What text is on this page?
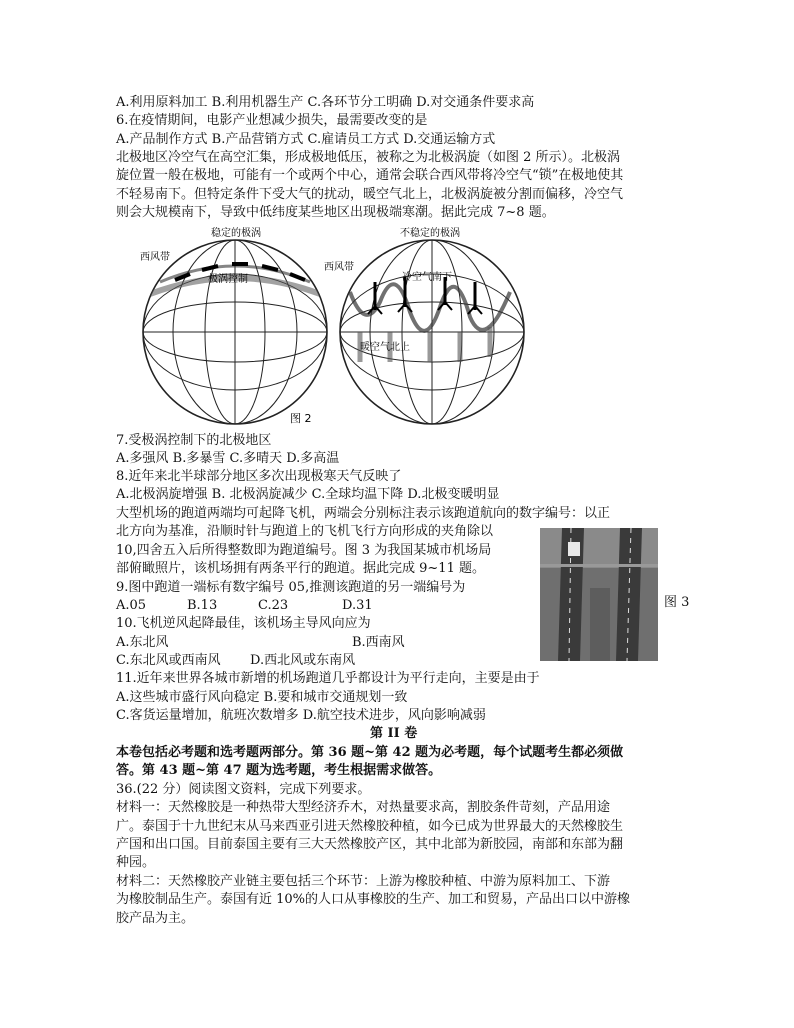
A.利用原料加工 B.利用机器生产 C.各环节分工明确 D.对交通条件要求高
6.在疫情期间，电影产业想减少损失，最需要改变的是
A.产品制作方式 B.产品营销方式 C.雇请员工方式 D.交通运输方式
北极地区冷空气在高空汇集，形成极地低压，被称之为北极涡旋（如图 2 所示）。北极涡
旋位置一般在极地，可能有一个或两个中心，通常会联合西风带将冷空气“锁”在极地使其
不轻易南下。但特定条件下受大气的扰动，暖空气北上，北极涡旋被分割而偏移，冷空气
则会大规模南下，导致中低纬度某些地区出现极端寒潮。据此完成 7~8 题。
稳定的极涡
西风带
极涡控制
不稳定的极涡
西风带
冷空气南下
暖空气北上
图 2
7.受极涡控制下的北极地区
A.多强风 B.多暴雪 C.多晴天 D.多高温
8.近年来北半球部分地区多次出现极寒天气反映了
A.北极涡旋增强 B. 北极涡旋减少 C.全球均温下降 D.北极变暖明显
大型机场的跑道两端均可起降飞机，两端会分别标注表示该跑道航向的数字编号：以正
北方向为基准，沿顺时针与跑道上的飞机飞行方向形成的夹角除以
10,四舍五入后所得整数即为跑道编号。图 3 为我国某城市机场局
部俯瞰照片，该机场拥有两条平行的跑道。据此完成 9~11 题。
9.图中跑道一端标有数字编号 05,推测该跑道的另一端编号为
A.05	B.13	C.23	D.31
10.飞机逆风起降最佳，该机场主导风向应为
A.东北风	B.西南风
C.东北风或西南风 D.西北风或东南风
图 3
11.近年来世界各城市新增的机场跑道几乎都设计为平行走向，主要是由于
A.这些城市盛行风向稳定 B.要和城市交通规划一致
C.客货运量增加，航班次数增多 D.航空技术进步，风向影响减弱
第 II 卷
本卷包括必考题和选考题两部分。第 36 题~第 42 题为必考题，每个试题考生都必须做
答。第 43 题~第 47 题为选考题，考生根据需求做答。
36.(22 分）阅读图文资料，完成下列要求。
材料一：天然橡胶是一种热带大型经济乔木，对热量要求高，割胶条件苛刻，产品用途
广。泰国于十九世纪末从马来西亚引进天然橡胶种植，如今已成为世界最大的天然橡胶生
产国和出口国。目前泰国主要有三大天然橡胶产区，其中北部为新胶园，南部和东部为翻
种园。
材料二：天然橡胶产业链主要包括三个环节：上游为橡胶种植、中游为原料加工、下游
为橡胶制品生产。泰国有近 10%的人口从事橡胶的生产、加工和贸易，产品出口以中游橡
胶产品为主。
